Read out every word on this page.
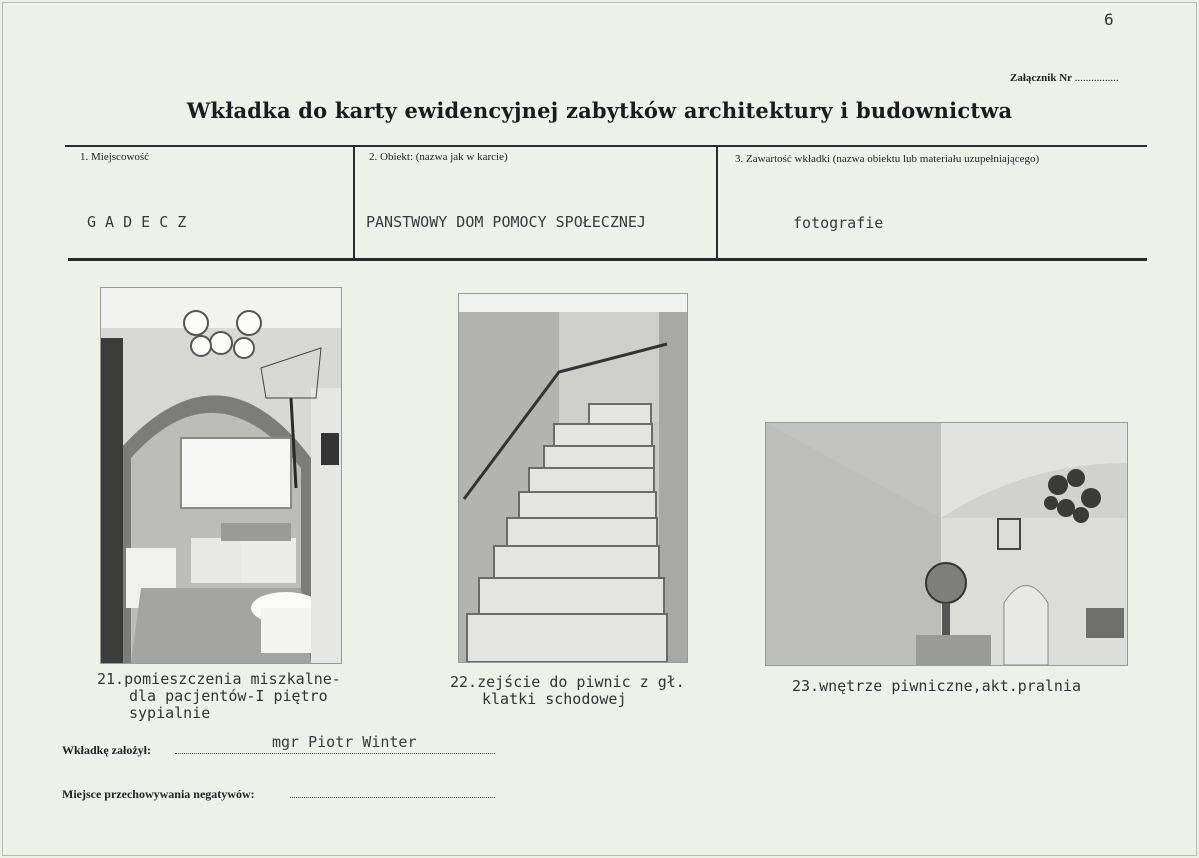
6
Załącznik Nr ................
Wkładka do karty ewidencyjnej zabytków architektury i budownictwa
1. Miejscowość	2. Obiekt: (nazwa jak w karcie)	3. Zawartość wkładki (nazwa obiektu lub materiału uzupełniającego)
G A D E C Z	PANSTWOWY DOM POMOCY SPOŁECZNEJ	fotografie
21.pomieszczenia miszkalne-
dla pacjentów-I piętro
sypialnie
22.zejście do piwnic z gł.
klatki schodowej
23.wnętrze piwniczne,akt.pralnia
Wkładkę założył:	mgr Piotr Winter
Miejsce przechowywania negatywów:
